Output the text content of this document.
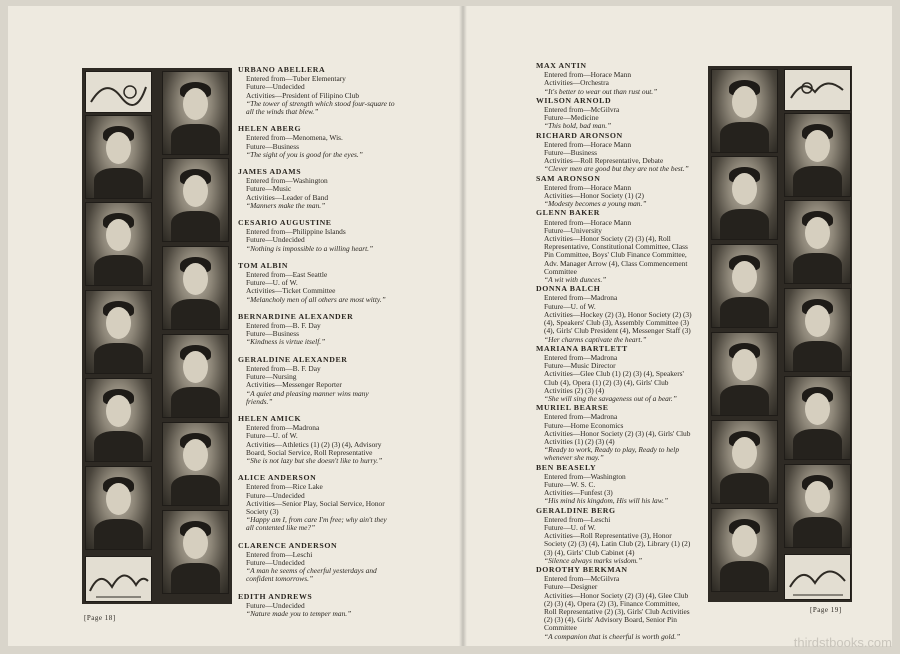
URBANO ABELLERA
Entered from—Tuber Elementary
Future—Undecided
Activities—President of Filipino Club
“The tower of strength which stood four-square to all the winds that blew.”
HELEN ABERG
Entered from—Menomena, Wis.
Future—Business
“The sight of you is good for the eyes.”
JAMES ADAMS
Entered from—Washington
Future—Music
Activities—Leader of Band
“Manners make the man.”
CESARIO AUGUSTINE
Entered from—Philippine Islands
Future—Undecided
“Nothing is impossible to a willing heart.”
TOM ALBIN
Entered from—East Seattle
Future—U. of W.
Activities—Ticket Committee
“Melancholy men of all others are most witty.”
BERNARDINE ALEXANDER
Entered from—B. F. Day
Future—Business
“Kindness is virtue itself.”
GERALDINE ALEXANDER
Entered from—B. F. Day
Future—Nursing
Activities—Messenger Reporter
“A quiet and pleasing manner wins many friends.”
HELEN AMICK
Entered from—Madrona
Future—U. of W.
Activities—Athletics (1) (2) (3) (4), Advisory Board, Social Service, Roll Representative
“She is not lazy but she doesn't like to hurry.”
ALICE ANDERSON
Entered from—Rice Lake
Future—Undecided
Activities—Senior Play, Social Service, Honor Society (3)
“Happy am I, from care I'm free; why ain't they all contented like me?”
CLARENCE ANDERSON
Entered from—Leschi
Future—Undecided
“A man he seems of cheerful yesterdays and confident tomorrows.”
EDITH ANDREWS
Future—Undecided
“Nature made you to temper man.”
MAX ANTIN
Entered from—Horace Mann
Activities—Orchestra
“It's better to wear out than rust out.”
WILSON ARNOLD
Entered from—McGilvra
Future—Medicine
“This bold, bad man.”
RICHARD ARONSON
Entered from—Horace Mann
Future—Business
Activities—Roll Representative, Debate
“Clever men are good but they are not the best.”
SAM ARONSON
Entered from—Horace Mann
Activities—Honor Society (1) (2)
“Modesty becomes a young man.”
GLENN BAKER
Entered from—Horace Mann
Future—University
Activities—Honor Society (2) (3) (4), Roll Representative, Constitutional Committee, Class Pin Committee, Boys' Club Finance Committee, Adv. Manager Arrow (4), Class Commencement Committee
“A wit with dunces.”
DONNA BALCH
Entered from—Madrona
Future—U. of W.
Activities—Hockey (2) (3), Honor Society (2) (3) (4), Speakers' Club (3), Assembly Committee (3) (4), Girls' Club President (4), Messenger Staff (3)
“Her charms captivate the heart.”
MARIANA BARTLETT
Entered from—Madrona
Future—Music Director
Activities—Glee Club (1) (2) (3) (4), Speakers' Club (4), Opera (1) (2) (3) (4), Girls' Club Activities (2) (3) (4)
“She will sing the savageness out of a bear.”
MURIEL BEARSE
Entered from—Madrona
Future—Home Economics
Activities—Honor Society (2) (3) (4), Girls' Club Activities (1) (2) (3) (4)
“Ready to work, Ready to play, Ready to help whenever she may.”
BEN BEASELY
Entered from—Washington
Future—W. S. C.
Activities—Funfest (3)
“His mind his kingdom, His will his law.”
GERALDINE BERG
Entered from—Leschi
Future—U. of W.
Activities—Roll Representative (3), Honor Society (2) (3) (4), Latin Club (2), Library (1) (2) (3) (4), Girls' Club Cabinet (4)
“Silence always marks wisdom.”
DOROTHY BERKMAN
Entered from—McGilvra
Future—Designer
Activities—Honor Society (2) (3) (4), Glee Club (2) (3) (4), Opera (2) (3), Finance Committee, Roll Representative (2) (3), Girls' Club Activities (2) (3) (4), Girls' Advisory Board, Senior Pin Committee
“A companion that is cheerful is worth gold.”
[Page 18]
[Page 19]
thirdstbooks.com
